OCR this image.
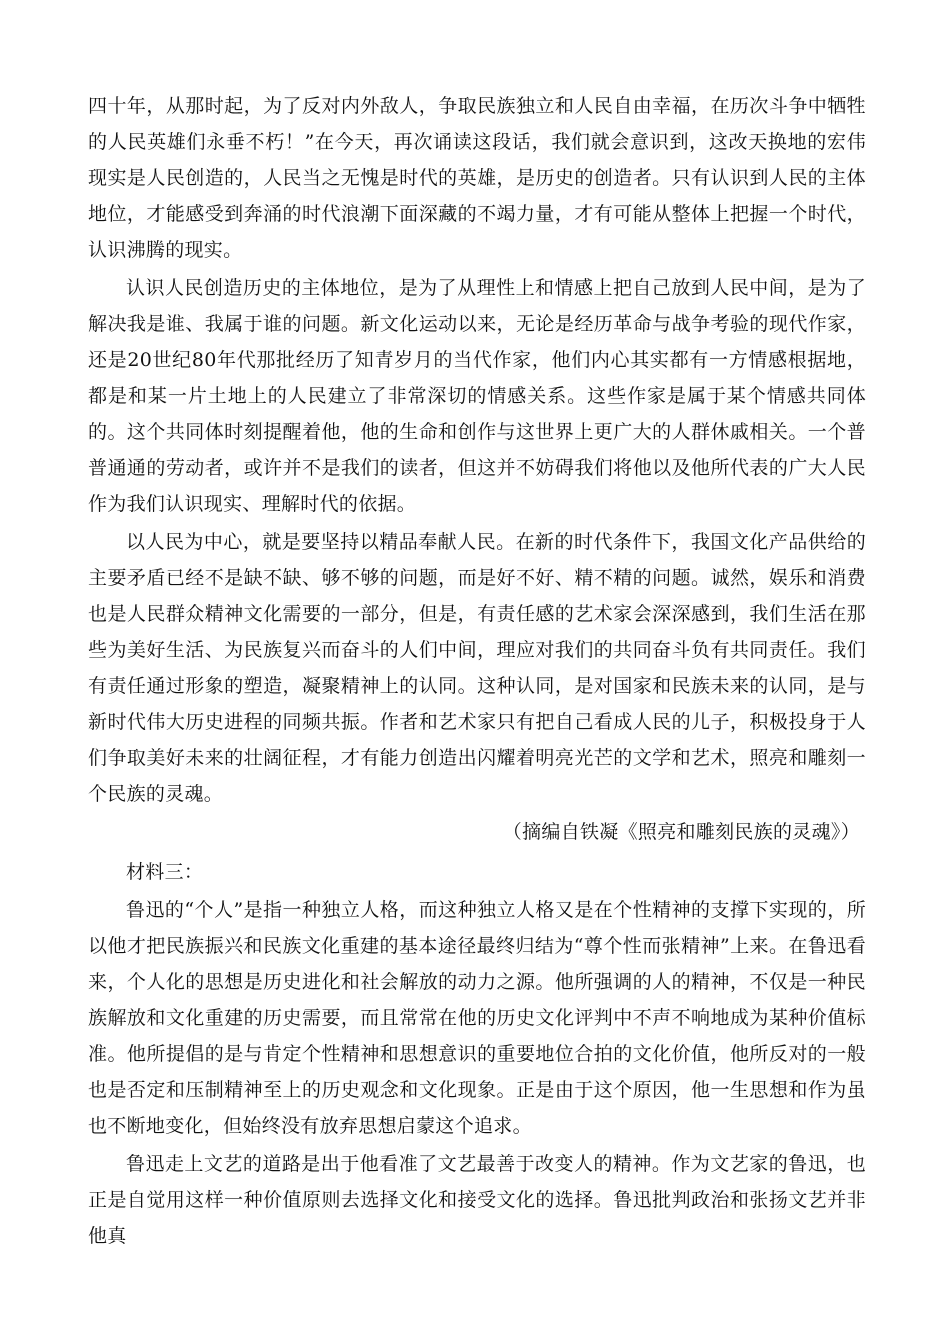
四十年，从那时起，为了反对内外敌人，争取民族独立和人民自由幸福，在历次斗争中牺牲的人民英雄们永垂不朽！”在今天，再次诵读这段话，我们就会意识到，这改天换地的宏伟现实是人民创造的，人民当之无愧是时代的英雄，是历史的创造者。只有认识到人民的主体地位，才能感受到奔涌的时代浪潮下面深藏的不竭力量，才有可能从整体上把握一个时代，认识沸腾的现实。

认识人民创造历史的主体地位，是为了从理性上和情感上把自己放到人民中间，是为了解决我是谁、我属于谁的问题。新文化运动以来，无论是经历革命与战争考验的现代作家，还是20世纪80年代那批经历了知青岁月的当代作家，他们内心其实都有一方情感根据地，都是和某一片土地上的人民建立了非常深切的情感关系。这些作家是属于某个情感共同体的。这个共同体时刻提醒着他，他的生命和创作与这世界上更广大的人群休戚相关。一个普普通通的劳动者，或许并不是我们的读者，但这并不妨碍我们将他以及他所代表的广大人民作为我们认识现实、理解时代的依据。

以人民为中心，就是要坚持以精品奉献人民。在新的时代条件下，我国文化产品供给的主要矛盾已经不是缺不缺、够不够的问题，而是好不好、精不精的问题。诚然，娱乐和消费也是人民群众精神文化需要的一部分，但是，有责任感的艺术家会深深感到，我们生活在那些为美好生活、为民族复兴而奋斗的人们中间，理应对我们的共同奋斗负有共同责任。我们有责任通过形象的塑造，凝聚精神上的认同。这种认同，是对国家和民族未来的认同，是与新时代伟大历史进程的同频共振。作者和艺术家只有把自己看成人民的儿子，积极投身于人们争取美好未来的壮阔征程，才有能力创造出闪耀着明亮光芒的文学和艺术，照亮和雕刻一个民族的灵魂。

（摘编自铁凝《照亮和雕刻民族的灵魂》）

材料三：

鲁迅的“个人”是指一种独立人格，而这种独立人格又是在个性精神的支撑下实现的，所以他才把民族振兴和民族文化重建的基本途径最终归结为“尊个性而张精神”上来。在鲁迅看来，个人化的思想是历史进化和社会解放的动力之源。他所强调的人的精神，不仅是一种民族解放和文化重建的历史需要，而且常常在他的历史文化评判中不声不响地成为某种价值标准。他所提倡的是与肯定个性精神和思想意识的重要地位合拍的文化价值，他所反对的一般也是否定和压制精神至上的历史观念和文化现象。正是由于这个原因，他一生思想和作为虽也不断地变化，但始终没有放弃思想启蒙这个追求。

鲁迅走上文艺的道路是出于他看准了文艺最善于改变人的精神。作为文艺家的鲁迅，也正是自觉用这样一种价值原则去选择文化和接受文化的选择。鲁迅批判政治和张扬文艺并非他真
